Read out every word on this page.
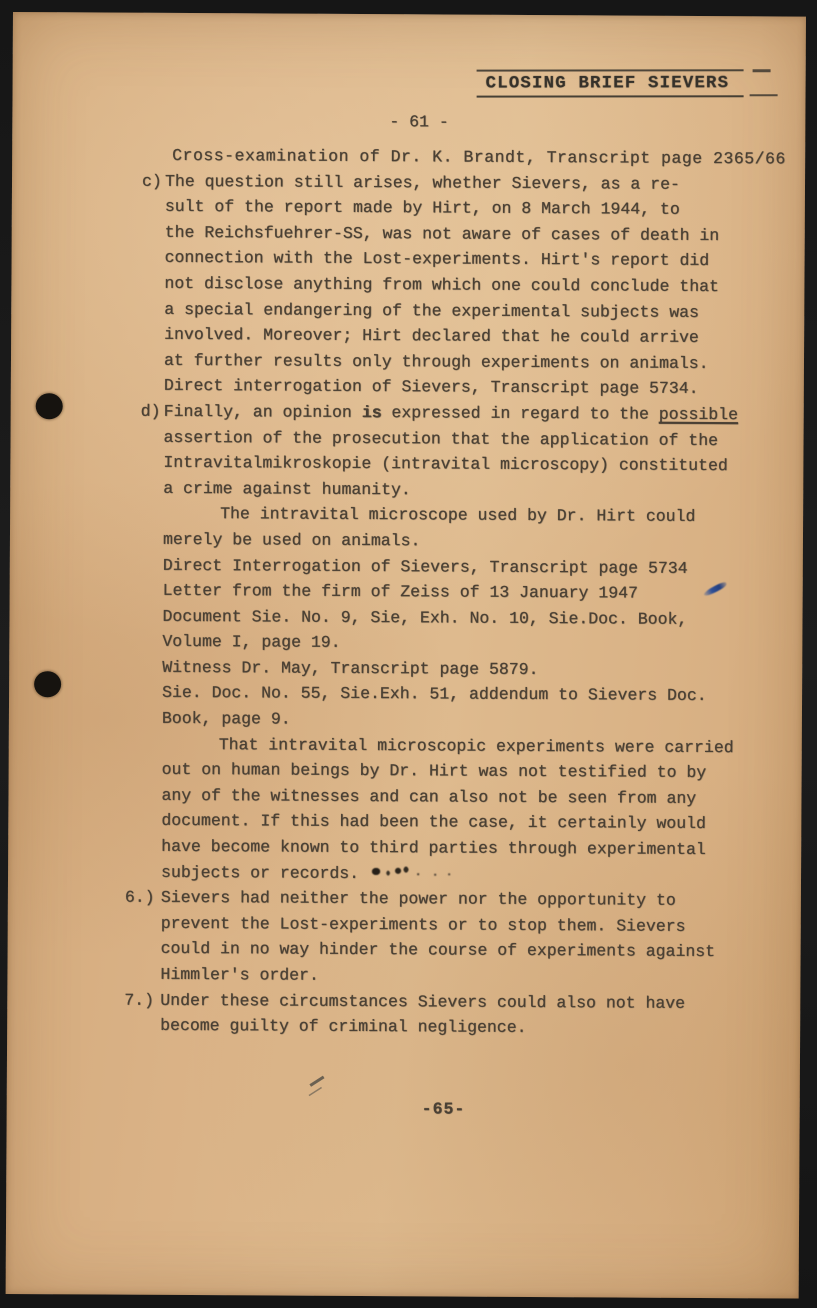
CLOSING BRIEF SIEVERS
- 61 -
Cross-examination of Dr. K. Brandt, Transcript page 2365/66
c) The question still arises, whether Sievers, as a re-
sult of the report made by Hirt, on 8 March 1944, to
the Reichsfuehrer-SS, was not aware of cases of death in
connection with the Lost-experiments. Hirt's report did
not disclose anything from which one could conclude that
a special endangering of the experimental subjects was
involved. Moreover; Hirt declared that he could arrive
at further results only through experiments on animals.
Direct interrogation of Sievers, Transcript page 5734.
d) Finally, an opinion is expressed in regard to the possible
assertion of the prosecution that the application of the
Intravitalmikroskopie (intravital microscopy) constituted
a crime against humanity.
The intravital microscope used by Dr. Hirt could
merely be used on animals.
Direct Interrogation of Sievers, Transcript page 5734
Letter from the firm of Zeiss of 13 January 1947
Document Sie. No. 9, Sie, Exh. No. 10, Sie.Doc. Book,
Volume I, page 19.
Witness Dr. May, Transcript page 5879.
Sie. Doc. No. 55, Sie.Exh. 51, addendum to Sievers Doc.
Book, page 9.
That intravital microscopic experiments were carried
out on human beings by Dr. Hirt was not testified to by
any of the witnesses and can also not be seen from any
document. If this had been the case, it certainly would
have become known to third parties through experimental
subjects or records.
6.) Sievers had neither the power nor the opportunity to
prevent the Lost-experiments or to stop them. Sievers
could in no way hinder the course of experiments against
Himmler's order.
7.) Under these circumstances Sievers could also not have
become guilty of criminal negligence.
-65-
